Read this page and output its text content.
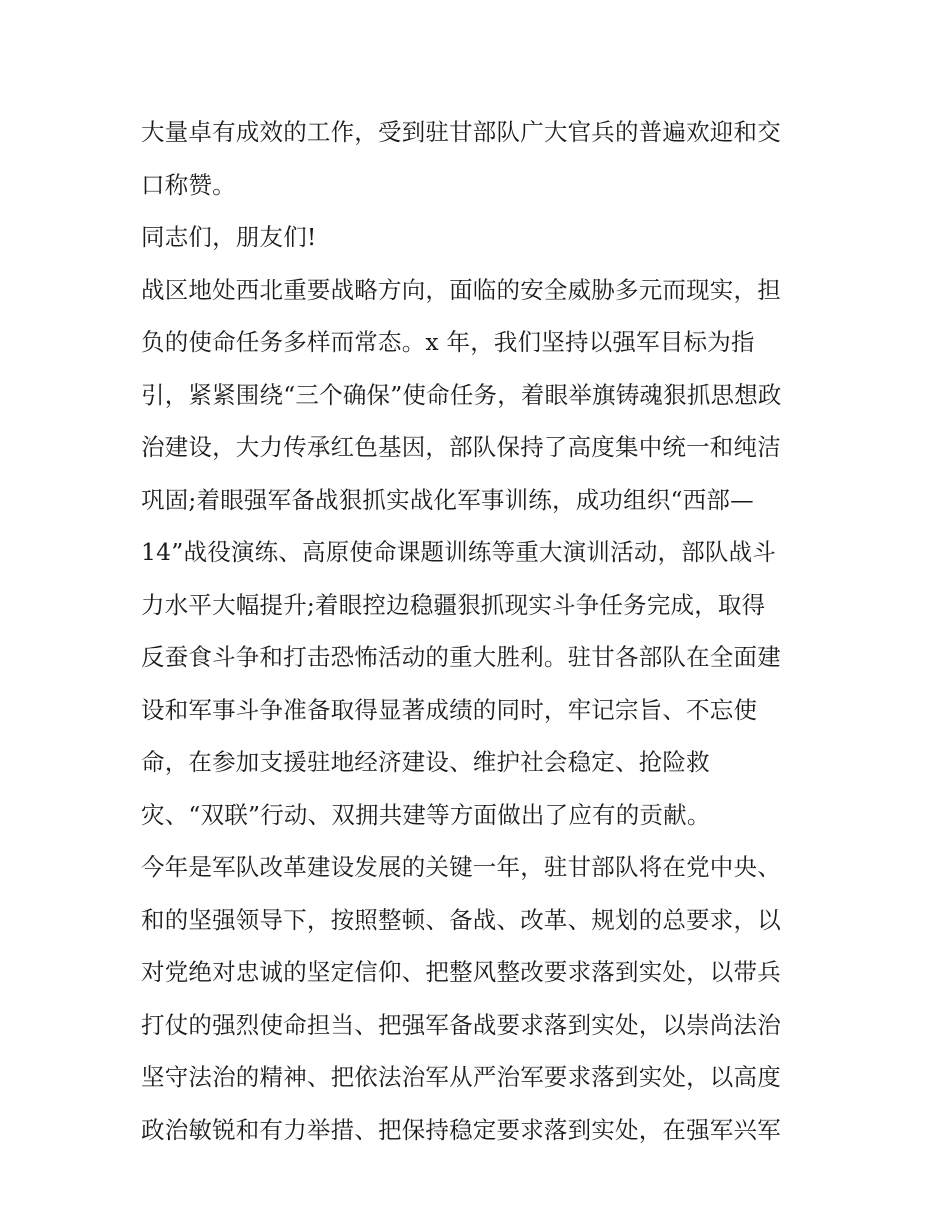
大量卓有成效的工作，受到驻甘部队广大官兵的普遍欢迎和交
口称赞。
同志们，朋友们!
战区地处西北重要战略方向，面临的安全威胁多元而现实，担
负的使命任务多样而常态。x 年，我们坚持以强军目标为指
引，紧紧围绕“三个确保”使命任务，着眼举旗铸魂狠抓思想政
治建设，大力传承红色基因，部队保持了高度集中统一和纯洁
巩固;着眼强军备战狠抓实战化军事训练，成功组织“西部—
14”战役演练、高原使命课题训练等重大演训活动，部队战斗
力水平大幅提升;着眼控边稳疆狠抓现实斗争任务完成，取得
反蚕食斗争和打击恐怖活动的重大胜利。驻甘各部队在全面建
设和军事斗争准备取得显著成绩的同时，牢记宗旨、不忘使
命，在参加支援驻地经济建设、维护社会稳定、抢险救
灾、“双联”行动、双拥共建等方面做出了应有的贡献。
今年是军队改革建设发展的关键一年，驻甘部队将在党中央、
和的坚强领导下，按照整顿、备战、改革、规划的总要求，以
对党绝对忠诚的坚定信仰、把整风整改要求落到实处，以带兵
打仗的强烈使命担当、把强军备战要求落到实处，以崇尚法治
坚守法治的精神、把依法治军从严治军要求落到实处，以高度
政治敏锐和有力举措、把保持稳定要求落到实处，在强军兴军
